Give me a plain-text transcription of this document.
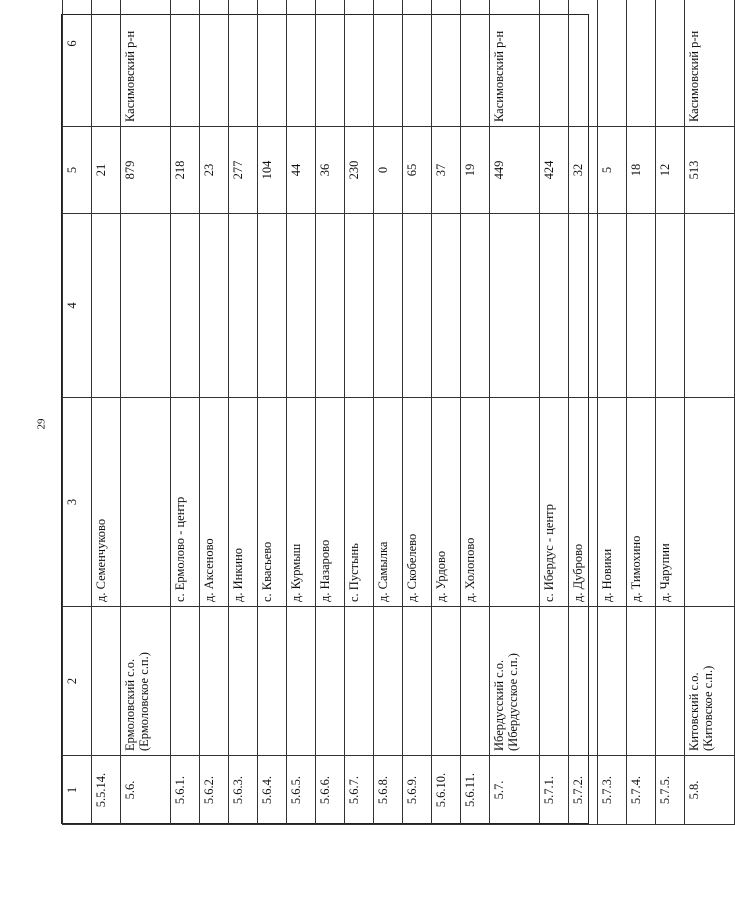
29
1	2	3	4	5	6
5.5.14.		д. Семенчуково		21	
5.6.	Ермоловский с.о. (Ермоловское с.п.)			879	Касимовский р-н
5.6.1.		с. Ермолово - центр		218	
5.6.2.		д. Аксеново		23	
5.6.3.		д. Инкино		277	
5.6.4.		с. Квасьево		104	
5.6.5.		д. Курмыш		44	
5.6.6.		д. Назарово		36	
5.6.7.		с. Пустынь		230	
5.6.8.		д. Самылка		0	
5.6.9.		д. Скобелево		65	
5.6.10.		д. Урдово		37	
5.6.11.		д. Холопово		19	
5.7.	Ибердусский с.о. (Ибердусское с.п.)			449	Касимовский р-н
5.7.1.		с. Ибердус - центр		424	
5.7.2.		д. Дуброво		32	
5.7.3.		д. Новики		5	
5.7.4.		д. Тимохино		18	
5.7.5.		д. Чарупии		12	
5.8.	Китовский с.о. (Китовское с.п.)			513	Касимовский р-н
